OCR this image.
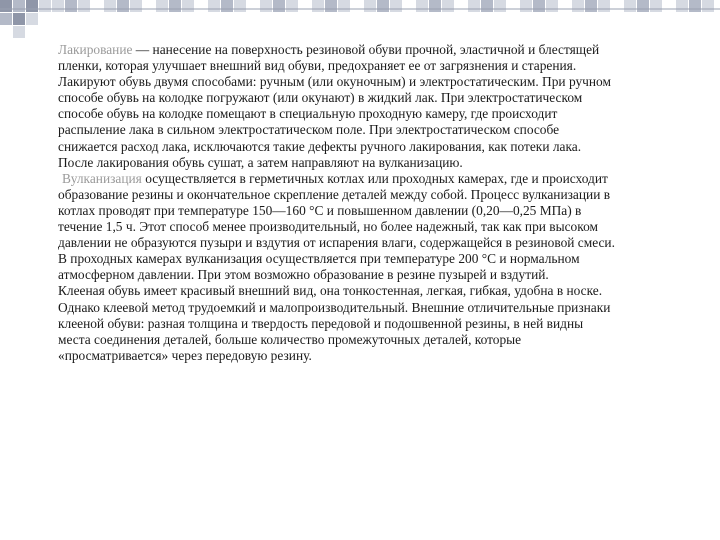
Лакирование — нанесение на поверхность резиновой обуви прочной, эластичной и блестящей пленки, которая улучшает внешний вид обуви, предохраняет ее от загрязнения и старения. Лакируют обувь двумя способами: ручным (или окуночным) и электростатическим. При ручном способе обувь на колодке погружают (или окунают) в жидкий лак. При электростатическом способе обувь на колодке помещают в специальную проходную камеру, где происходит распыление лака в сильном электростатическом поле. При электростатическом способе снижается расход лака, исключаются такие дефекты ручного лакирования, как потеки лака. После лакирования обувь сушат, а затем направляют на вулканизацию.

Вулканизация осуществляется в герметичных котлах или проходных камерах, где и происходит образование резины и окончательное скрепление деталей между собой. Процесс вулканизации в котлах проводят при температуре 150—160 °С и повышенном давлении (0,20—0,25 МПа) в течение 1,5 ч. Этот способ менее производительный, но более надежный, так как при высоком давлении не образуются пузыри и вздутия от испарения влаги, содержащейся в резиновой смеси. В проходных камерах вулканизация осуществляется при температуре 200 °С и нормальном атмосферном давлении. При этом возможно образование в резине пузырей и вздутий.

Клееная обувь имеет красивый внешний вид, она тонкостенная, легкая, гибкая, удобна в носке. Однако клеевой метод трудоемкий и малопроизводительный. Внешние отличительные признаки клееной обуви: разная толщина и твердость передовой и подошвенной резины, в ней видны места соединения деталей, больше количество промежуточных деталей, которые «просматривается» через передовую резину.
